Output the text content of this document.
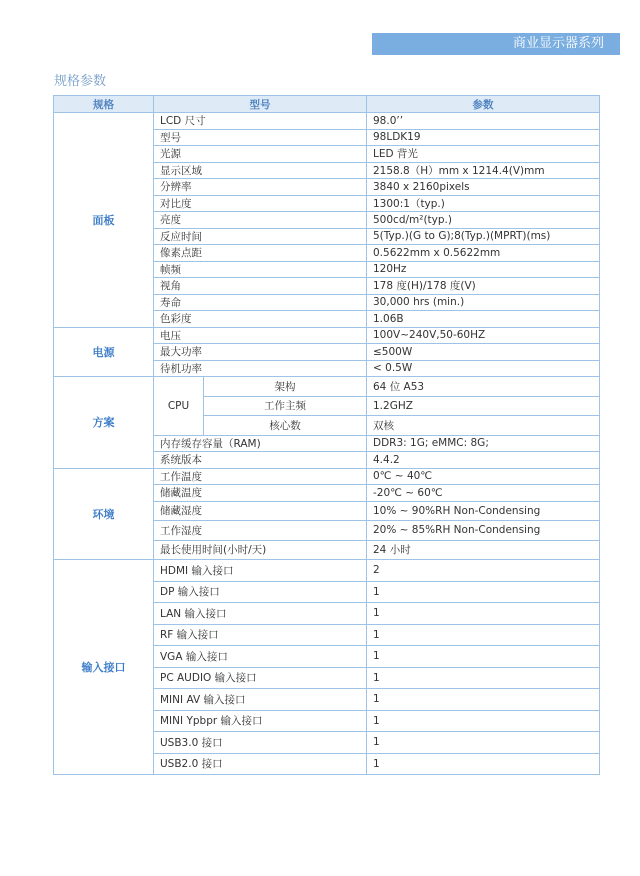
商业显示器系列
规格参数
规格	型号		参数
面板	LCD 尺寸		98.0’’
	型号		98LDK19
	光源		LED 背光
	显示区域		2158.8（H）mm x 1214.4(V)mm
	分辨率		3840 x 2160pixels
	对比度		1300:1（typ.)
	亮度		500cd/m²(typ.)
	反应时间		5(Typ.)(G to G);8(Typ.)(MPRT)(ms)
	像素点距		0.5622mm x 0.5622mm
	帧频		120Hz
	视角		178 度(H)/178 度(V)
	寿命		30,000 hrs (min.)
	色彩度		1.06B
电源	电压		100V~240V,50-60HZ
	最大功率		≤500W
	待机功率		< 0.5W
方案	CPU	架构	64 位 A53
		工作主频	1.2GHZ
		核心数	双核
	内存缓存容量（RAM)		DDR3: 1G; eMMC: 8G;
	系统版本		4.4.2
环境	工作温度		0℃ ~ 40℃
	储藏温度		-20℃ ~ 60℃
	储藏湿度		10% ~ 90%RH Non-Condensing
	工作湿度		20% ~ 85%RH Non-Condensing
	最长使用时间(小时/天)		24 小时
输入接口	HDMI 输入接口		2
	DP 输入接口		1
	LAN 输入接口		1
	RF 输入接口		1
	VGA 输入接口		1
	PC AUDIO 输入接口		1
	MINI AV 输入接口		1
	MINI Ypbpr 输入接口		1
	USB3.0 接口		1
	USB2.0 接口		1
